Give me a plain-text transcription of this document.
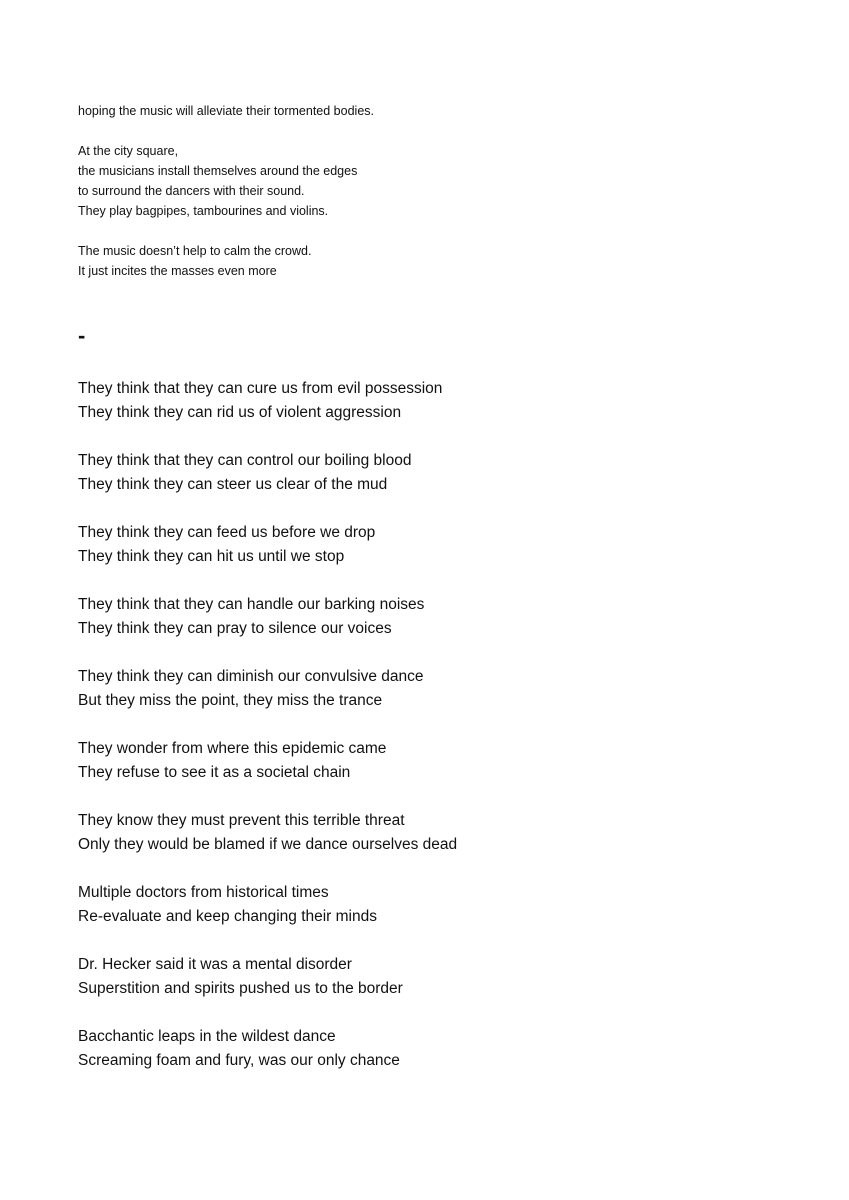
hoping the music will alleviate their tormented bodies.
At the city square,
the musicians install themselves around the edges
to surround the dancers with their sound.
They play bagpipes, tambourines and violins.
The music doesn’t help to calm the crowd.
It just incites the masses even more
-
They think that they can cure us from evil possession
They think they can rid us of violent aggression
They think that they can control our boiling blood
They think they can steer us clear of the mud
They think they can feed us before we drop
They think they can hit us until we stop
They think that they can handle our barking noises
They think they can pray to silence our voices
They think they can diminish our convulsive dance
But they miss the point, they miss the trance
They wonder from where this epidemic came
They refuse to see it as a societal chain
They know they must prevent this terrible threat
Only they would be blamed if we dance ourselves dead
Multiple doctors from historical times
Re-evaluate and keep changing their minds
Dr. Hecker said it was a mental disorder
Superstition and spirits pushed us to the border
Bacchantic leaps in the wildest dance
Screaming foam and fury, was our only chance
